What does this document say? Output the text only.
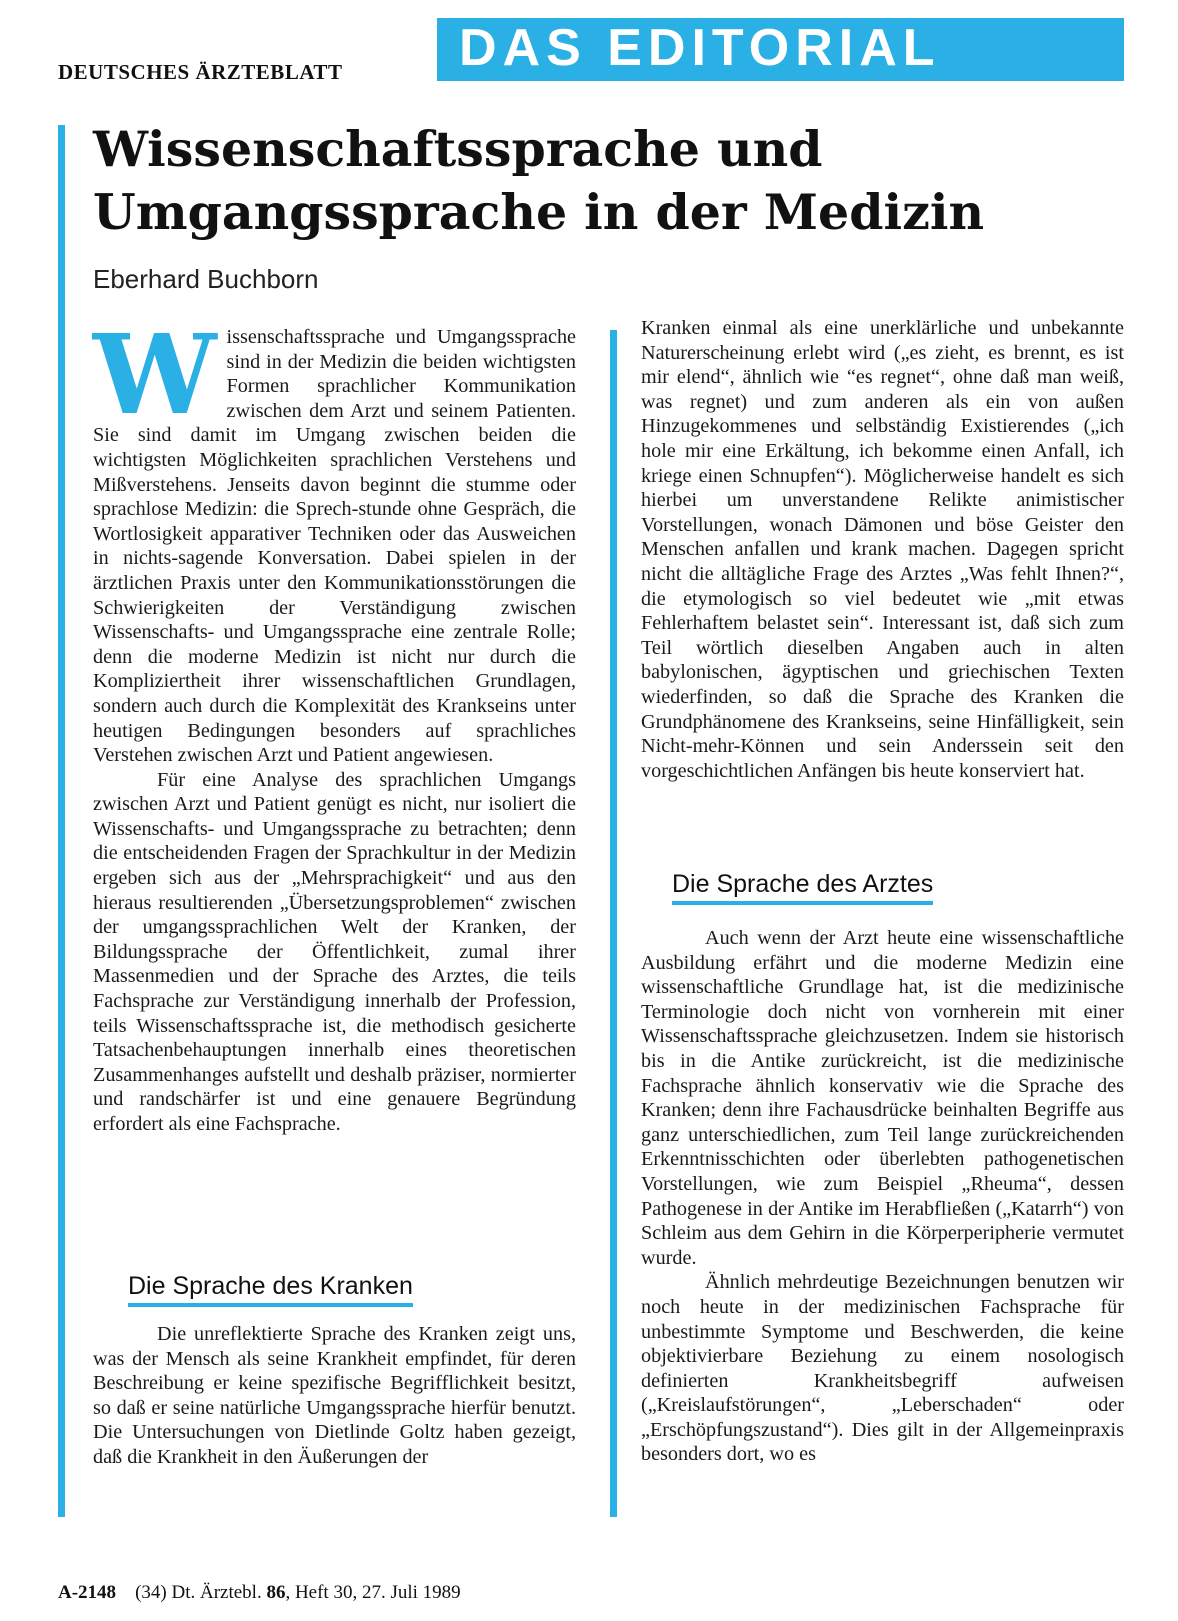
DEUTSCHES ÄRZTEBLATT DAS EDITORIAL
Wissenschaftssprache und
Umgangssprache in der Medizin
Eberhard Buchborn

Wissenschaftssprache und Umgangssprache sind in der Medizin die beiden wichtigsten Formen sprachlicher Kommunikation zwischen dem Arzt und seinem Patienten. Sie sind damit im Umgang zwischen beiden die wichtigsten Möglichkeiten sprachlichen Verstehens und Mißverstehens. Jenseits davon beginnt die stumme oder sprachlose Medizin: die Sprech-stunde ohne Gespräch, die Wortlosigkeit apparativer Techniken oder das Ausweichen in nichts-sagende Konversation. Dabei spielen in der ärztlichen Praxis unter den Kommunikationsstörungen die Schwierigkeiten der Verständigung zwischen Wissenschafts- und Umgangssprache eine zentrale Rolle; denn die moderne Medizin ist nicht nur durch die Kompliziertheit ihrer wissenschaftlichen Grundlagen, sondern auch durch die Komplexität des Krankseins unter heutigen Bedingungen besonders auf sprachliches Verstehen zwischen Arzt und Patient angewiesen.

Für eine Analyse des sprachlichen Umgangs zwischen Arzt und Patient genügt es nicht, nur isoliert die Wissenschafts- und Umgangssprache zu betrachten; denn die entscheidenden Fragen der Sprachkultur in der Medizin ergeben sich aus der „Mehrsprachigkeit“ und aus den hieraus resultierenden „Übersetzungsproblemen“ zwischen der umgangssprachlichen Welt der Kranken, der Bildungssprache der Öffentlichkeit, zumal ihrer Massenmedien und der Sprache des Arztes, die teils Fachsprache zur Verständigung innerhalb der Profession, teils Wissenschaftssprache ist, die methodisch gesicherte Tatsachenbehauptungen innerhalb eines theoretischen Zusammenhanges aufstellt und deshalb präziser, normierter und randschärfer ist und eine genauere Begründung erfordert als eine Fachsprache.

Die Sprache des Kranken

Die unreflektierte Sprache des Kranken zeigt uns, was der Mensch als seine Krankheit empfindet, für deren Beschreibung er keine spezifische Begrifflichkeit besitzt, so daß er seine natürliche Umgangssprache hierfür benutzt. Die Untersuchungen von Dietlinde Goltz haben gezeigt, daß die Krankheit in den Äußerungen der

Kranken einmal als eine unerklärliche und unbekannte Naturerscheinung erlebt wird („es zieht, es brennt, es ist mir elend“, ähnlich wie “es regnet“, ohne daß man weiß, was regnet) und zum anderen als ein von außen Hinzugekommenes und selbständig Existierendes („ich hole mir eine Erkältung, ich bekomme einen Anfall, ich kriege einen Schnupfen“). Möglicherweise handelt es sich hierbei um unverstandene Relikte animistischer Vorstellungen, wonach Dämonen und böse Geister den Menschen anfallen und krank machen. Dagegen spricht nicht die alltägliche Frage des Arztes „Was fehlt Ihnen?“, die etymologisch so viel bedeutet wie „mit etwas Fehlerhaftem belastet sein“. Interessant ist, daß sich zum Teil wörtlich dieselben Angaben auch in alten babylonischen, ägyptischen und griechischen Texten wiederfinden, so daß die Sprache des Kranken die Grundphänomene des Krankseins, seine Hinfälligkeit, sein Nicht-mehr-Können und sein Anderssein seit den vorgeschichtlichen Anfängen bis heute konserviert hat.

Die Sprache des Arztes

Auch wenn der Arzt heute eine wissenschaftliche Ausbildung erfährt und die moderne Medizin eine wissenschaftliche Grundlage hat, ist die medizinische Terminologie doch nicht von vornherein mit einer Wissenschaftssprache gleichzusetzen. Indem sie historisch bis in die Antike zurückreicht, ist die medizinische Fachsprache ähnlich konservativ wie die Sprache des Kranken; denn ihre Fachausdrücke beinhalten Begriffe aus ganz unterschiedlichen, zum Teil lange zurückreichenden Erkenntnisschichten oder überlebten pathogenetischen Vorstellungen, wie zum Beispiel „Rheuma“, dessen Pathogenese in der Antike im Herabfließen („Katarrh“) von Schleim aus dem Gehirn in die Körperperipherie vermutet wurde.

Ähnlich mehrdeutige Bezeichnungen benutzen wir noch heute in der medizinischen Fachsprache für unbestimmte Symptome und Beschwerden, die keine objektivierbare Beziehung zu einem nosologisch definierten Krankheitsbegriff aufweisen („Kreislaufstörungen“, „Leberschaden“ oder „Erschöpfungszustand“). Dies gilt in der Allgemeinpraxis besonders dort, wo es

A-2148 (34) Dt. Ärztebl. 86, Heft 30, 27. Juli 1989
